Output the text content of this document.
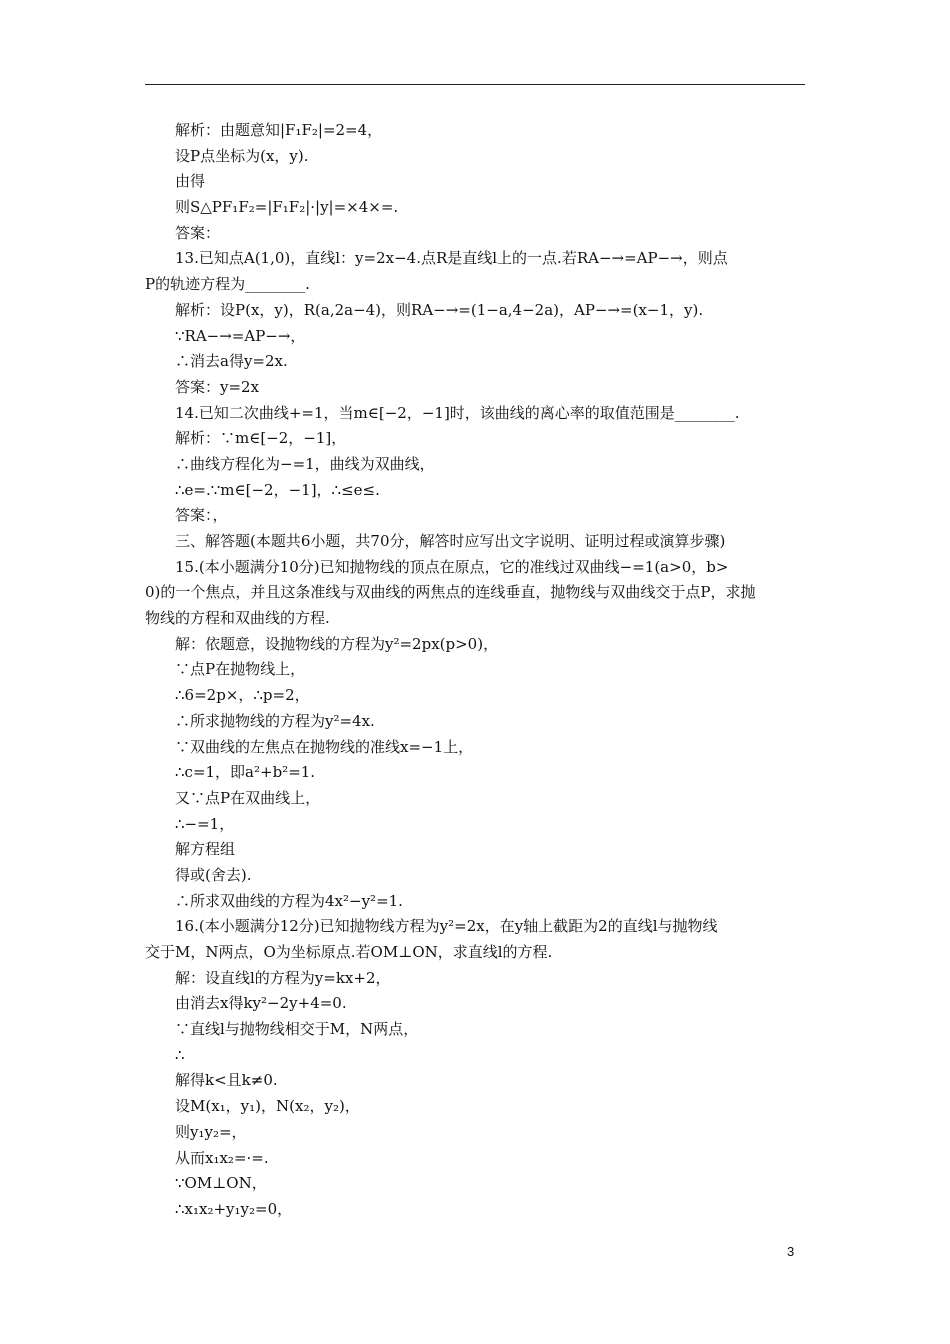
解析：由题意知|F₁F₂|=2=4，
设P点坐标为(x，y).
由得
则S△PF₁F₂=|F₁F₂|·|y|=×4×=.
答案：
13.已知点A(1,0)，直线l：y=2x−4.点R是直线l上的一点.若RA−→=AP−→，则点
P的轨迹方程为________.
解析：设P(x，y)，R(a,2a−4)，则RA−→=(1−a,4−2a)，AP−→=(x−1，y).
∵RA−→=AP−→，
∴消去a得y=2x.
答案：y=2x
14.已知二次曲线+=1，当m∈[−2，−1]时，该曲线的离心率的取值范围是________.
解析：∵m∈[−2，−1]，
∴曲线方程化为−=1，曲线为双曲线，
∴e=.∵m∈[−2，−1]，∴≤e≤.
答案：，
三、解答题(本题共6小题，共70分，解答时应写出文字说明、证明过程或演算步骤)
15.(本小题满分10分)已知抛物线的顶点在原点，它的准线过双曲线−=1(a>0，b>
0)的一个焦点，并且这条准线与双曲线的两焦点的连线垂直，抛物线与双曲线交于点P，求抛
物线的方程和双曲线的方程.
解：依题意，设抛物线的方程为y²=2px(p>0)，
∵点P在抛物线上，
∴6=2p×，∴p=2，
∴所求抛物线的方程为y²=4x.
∵双曲线的左焦点在抛物线的准线x=−1上，
∴c=1，即a²+b²=1.
又∵点P在双曲线上，
∴−=1，
解方程组
得或(舍去).
∴所求双曲线的方程为4x²−y²=1.
16.(本小题满分12分)已知抛物线方程为y²=2x，在y轴上截距为2的直线l与抛物线
交于M，N两点，O为坐标原点.若OM⊥ON，求直线l的方程.
解：设直线l的方程为y=kx+2，
由消去x得ky²−2y+4=0.
∵直线l与抛物线相交于M，N两点，
∴
解得k<且k≠0.
设M(x₁，y₁)，N(x₂，y₂)，
则y₁y₂=，
从而x₁x₂=·=.
∵OM⊥ON，
∴x₁x₂+y₁y₂=0，
3
